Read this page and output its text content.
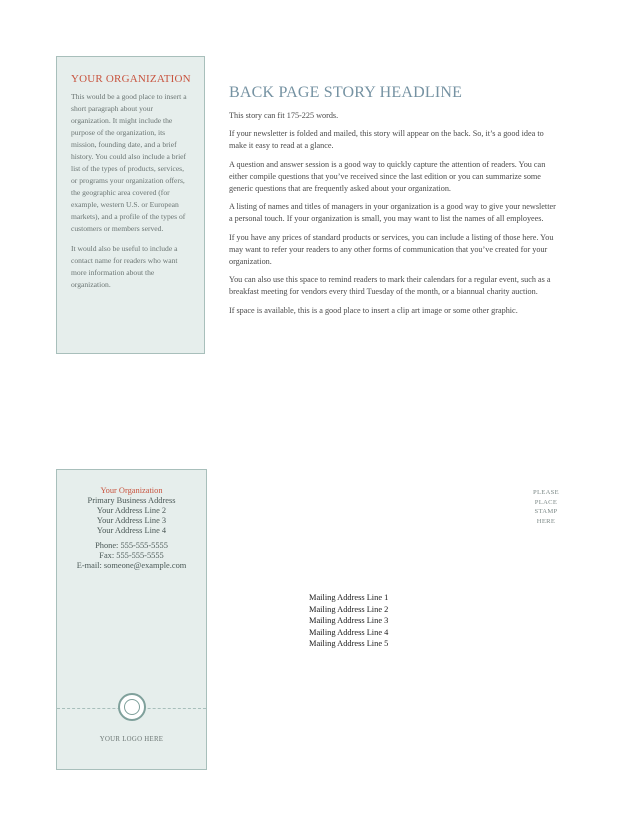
YOUR ORGANIZATION

This would be a good place to insert a short paragraph about your organization. It might include the purpose of the organization, its mission, founding date, and a brief history. You could also include a brief list of the types of products, services, or programs your organization offers, the geographic area covered (for example, western U.S. or European markets), and a profile of the types of customers or members served.

It would also be useful to include a contact name for readers who want more information about the organization.

BACK PAGE STORY HEADLINE

This story can fit 175-225 words.

If your newsletter is folded and mailed, this story will appear on the back. So, it’s a good idea to make it easy to read at a glance.

A question and answer session is a good way to quickly capture the attention of readers. You can either compile questions that you’ve received since the last edition or you can summarize some generic questions that are frequently asked about your organization.

A listing of names and titles of managers in your organization is a good way to give your newsletter a personal touch. If your organization is small, you may want to list the names of all employees.

If you have any prices of standard products or services, you can include a listing of those here. You may want to refer your readers to any other forms of communication that you’ve created for your organization.

You can also use this space to remind readers to mark their calendars for a regular event, such as a breakfast meeting for vendors every third Tuesday of the month, or a biannual charity auction.

If space is available, this is a good place to insert a clip art image or some other graphic.

Your Organization
Primary Business Address
Your Address Line 2
Your Address Line 3
Your Address Line 4
Phone: 555-555-5555
Fax: 555-555-5555
E-mail: someone@example.com
YOUR LOGO HERE
PLEASE
PLACE
STAMP
HERE
Mailing Address Line 1
Mailing Address Line 2
Mailing Address Line 3
Mailing Address Line 4
Mailing Address Line 5
